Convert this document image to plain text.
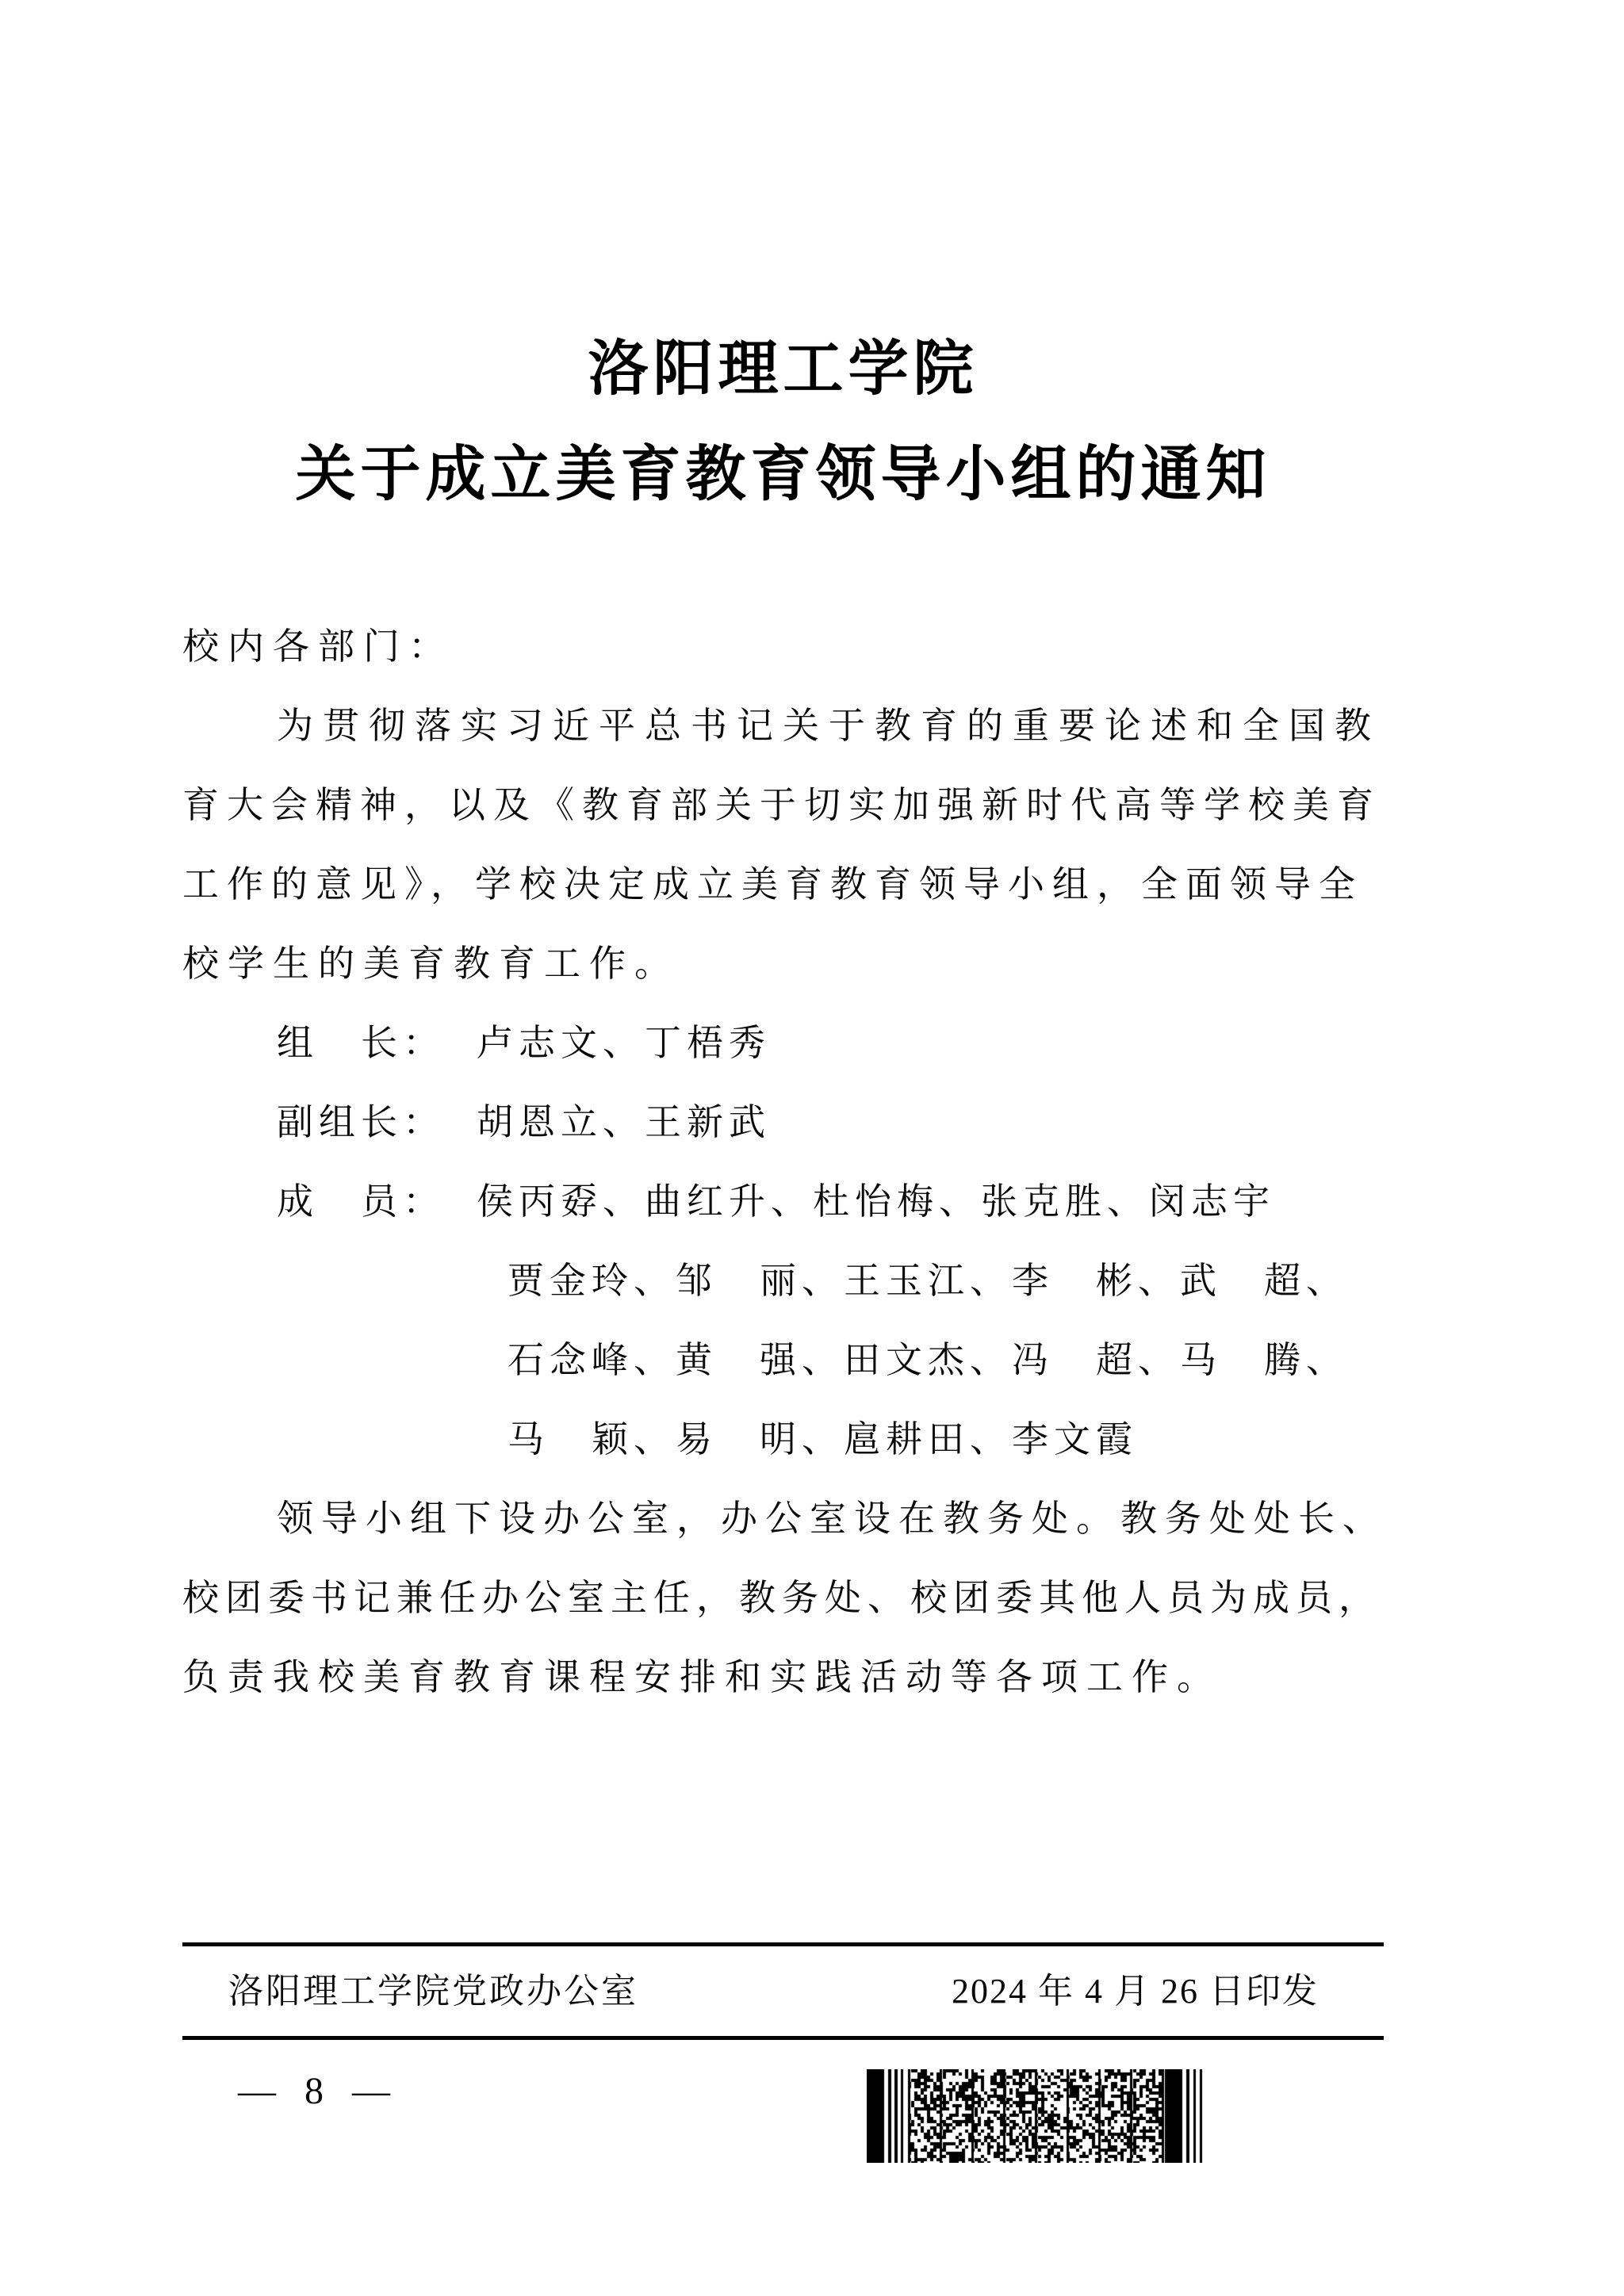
洛阳理工学院
关于成立美育教育领导小组的通知
校内各部门：
为贯彻落实习近平总书记关于教育的重要论述和全国教
育大会精神，以及《教育部关于切实加强新时代高等学校美育
工作的意见》，学校决定成立美育教育领导小组，全面领导全
校学生的美育教育工作。
组　长： 卢志文、丁梧秀
副组长： 胡恩立、王新武
成　员： 侯丙孬、曲红升、杜怡梅、张克胜、闵志宇
贾金玲、邹　丽、王玉江、李　彬、武　超、
石念峰、黄　强、田文杰、冯　超、马　腾、
马　颖、易　明、扈耕田、李文霞
领导小组下设办公室，办公室设在教务处。教务处处长、
校团委书记兼任办公室主任，教务处、校团委其他人员为成员，
负责我校美育教育课程安排和实践活动等各项工作。
洛阳理工学院党政办公室	2024 年 4 月 26 日印发
— 8 —
